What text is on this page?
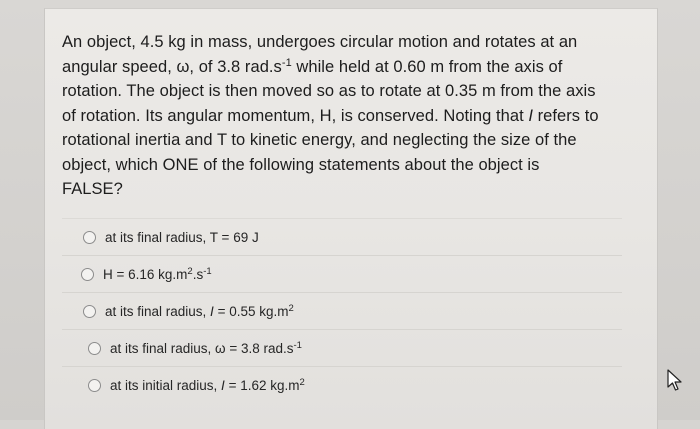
An object, 4.5 kg in mass, undergoes circular motion and rotates at an
angular speed, ω, of 3.8 $rad.s^{-1}$ while held at 0.60 m from the axis of
rotation. The object is then moved so as to rotate at 0.35 m from the axis
of rotation. Its angular momentum, H, is conserved. Noting that I refers to
rotational inertia and T to kinetic energy, and neglecting the size of the
object, which ONE of the following statements about the object is
FALSE?

at its final radius, T = 69 J
H = 6.16 $kg.m^2.s^{-1}$
at its final radius, I = 0.55 $kg.m^2$
at its final radius, ω = 3.8 $rad.s^{-1}$
at its initial radius, I = 1.62 $kg.m^2$
